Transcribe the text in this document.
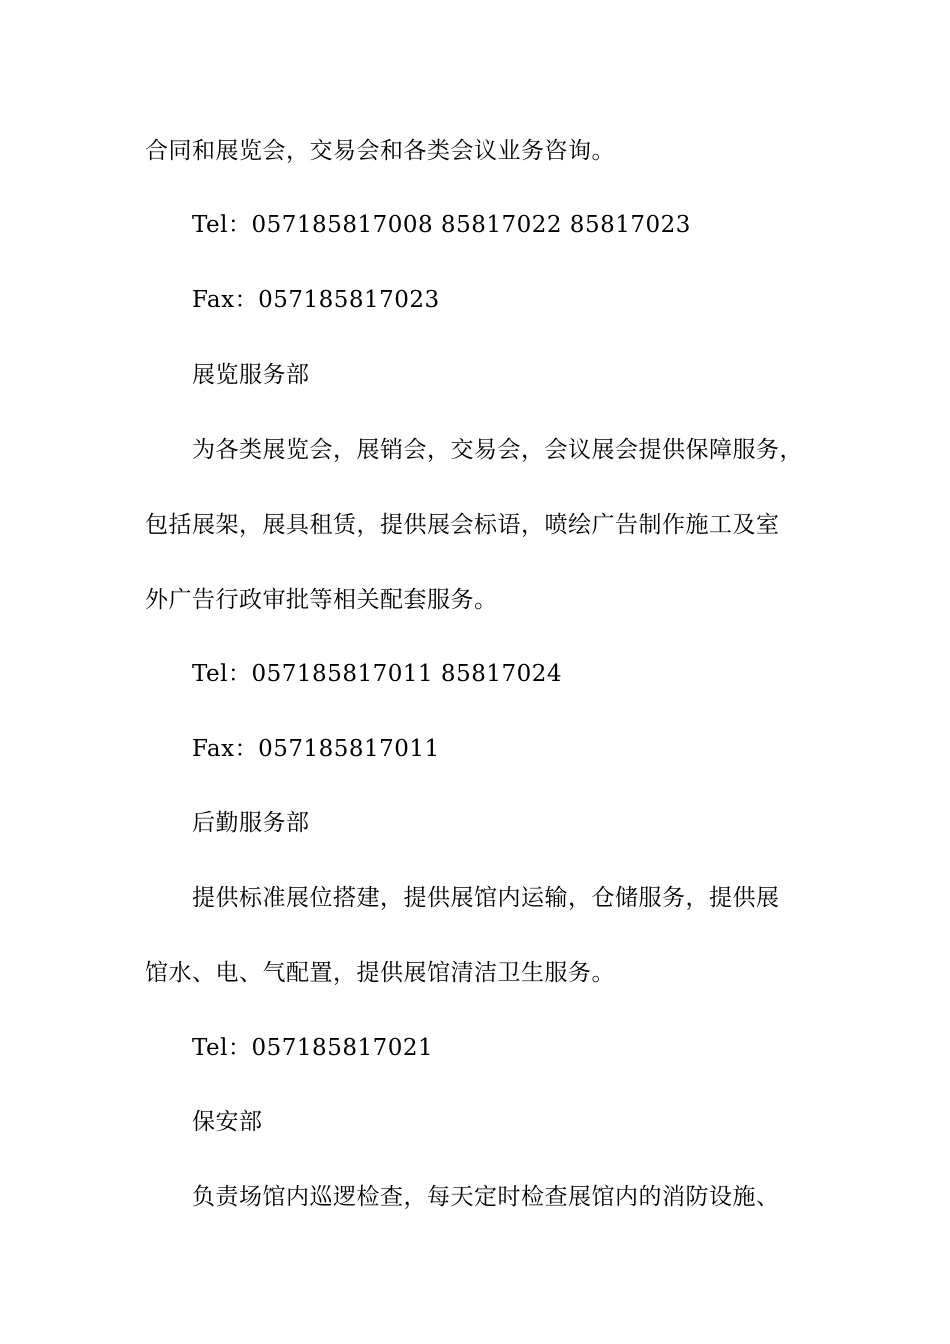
合同和展览会，交易会和各类会议业务咨询。
Tel：057185817008 85817022 85817023
Fax：057185817023
展览服务部
为各类展览会，展销会，交易会，会议展会提供保障服务，
包括展架，展具租赁，提供展会标语，喷绘广告制作施工及室
外广告行政审批等相关配套服务。
Tel：057185817011 85817024
Fax：057185817011
后勤服务部
提供标准展位搭建，提供展馆内运输，仓储服务，提供展
馆水、电、气配置，提供展馆清洁卫生服务。
Tel：057185817021
保安部
负责场馆内巡逻检查，每天定时检查展馆内的消防设施、
